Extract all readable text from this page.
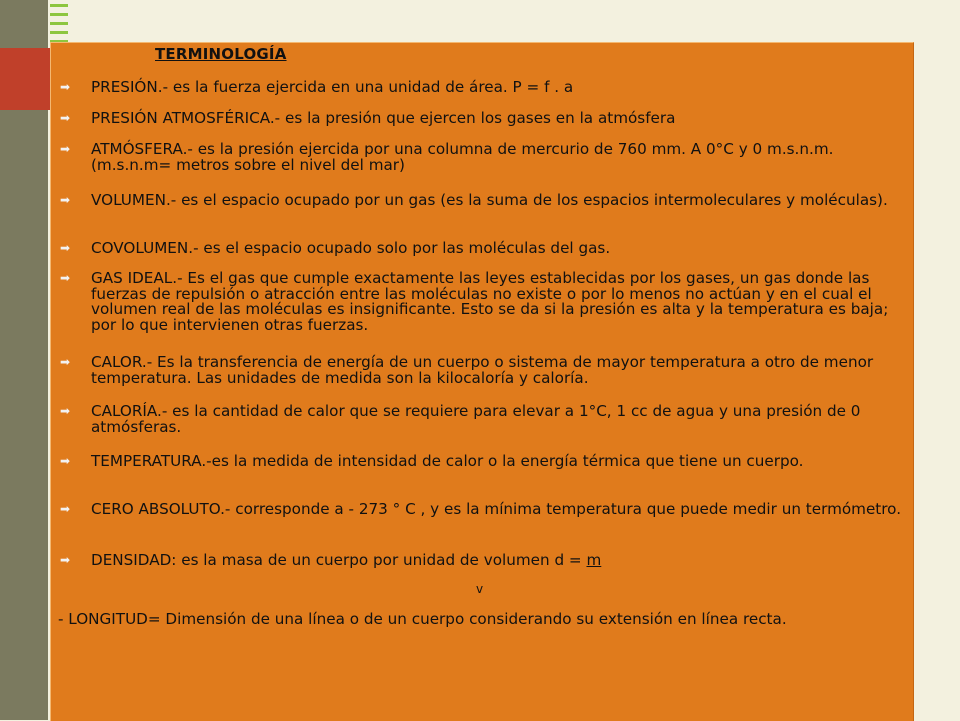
TERMINOLOGÍA
➡ PRESIÓN.- es la fuerza ejercida en una unidad de área. P = f . a
➡ PRESIÓN ATMOSFÉRICA.- es la presión que ejercen los gases en la atmósfera
➡ ATMÓSFERA.- es la presión ejercida por una columna de mercurio de 760 mm. A 0°C y 0 m.s.n.m. (m.s.n.m= metros sobre el nivel del mar)
➡ VOLUMEN.- es el espacio ocupado por un gas (es la suma de los espacios intermoleculares y moléculas).
➡ COVOLUMEN.- es el espacio ocupado solo por las moléculas del gas.
➡ GAS IDEAL.- Es el gas que cumple exactamente las leyes establecidas por los gases, un gas donde las fuerzas de repulsión o atracción entre las moléculas no existe o por lo menos no actúan y en el cual el volumen real de las moléculas es insignificante. Esto se da si la presión es alta y la temperatura es baja; por lo que intervienen otras fuerzas.
➡ CALOR.- Es la transferencia de energía de un cuerpo o sistema de mayor temperatura a otro de menor temperatura. Las unidades de medida son la kilocaloría y caloría.
➡ CALORÍA.- es la cantidad de calor que se requiere para elevar a 1°C, 1 cc de agua y una presión de 0 atmósferas.
➡ TEMPERATURA.-es la medida de intensidad de calor o la energía térmica que tiene un cuerpo.
➡ CERO ABSOLUTO.- corresponde a - 273 ° C , y es la mínima temperatura que puede medir un termómetro.
➡ DENSIDAD: es la masa de un cuerpo por unidad de volumen d = m
v
- LONGITUD= Dimensión de una línea o de un cuerpo considerando su extensión en línea recta.
